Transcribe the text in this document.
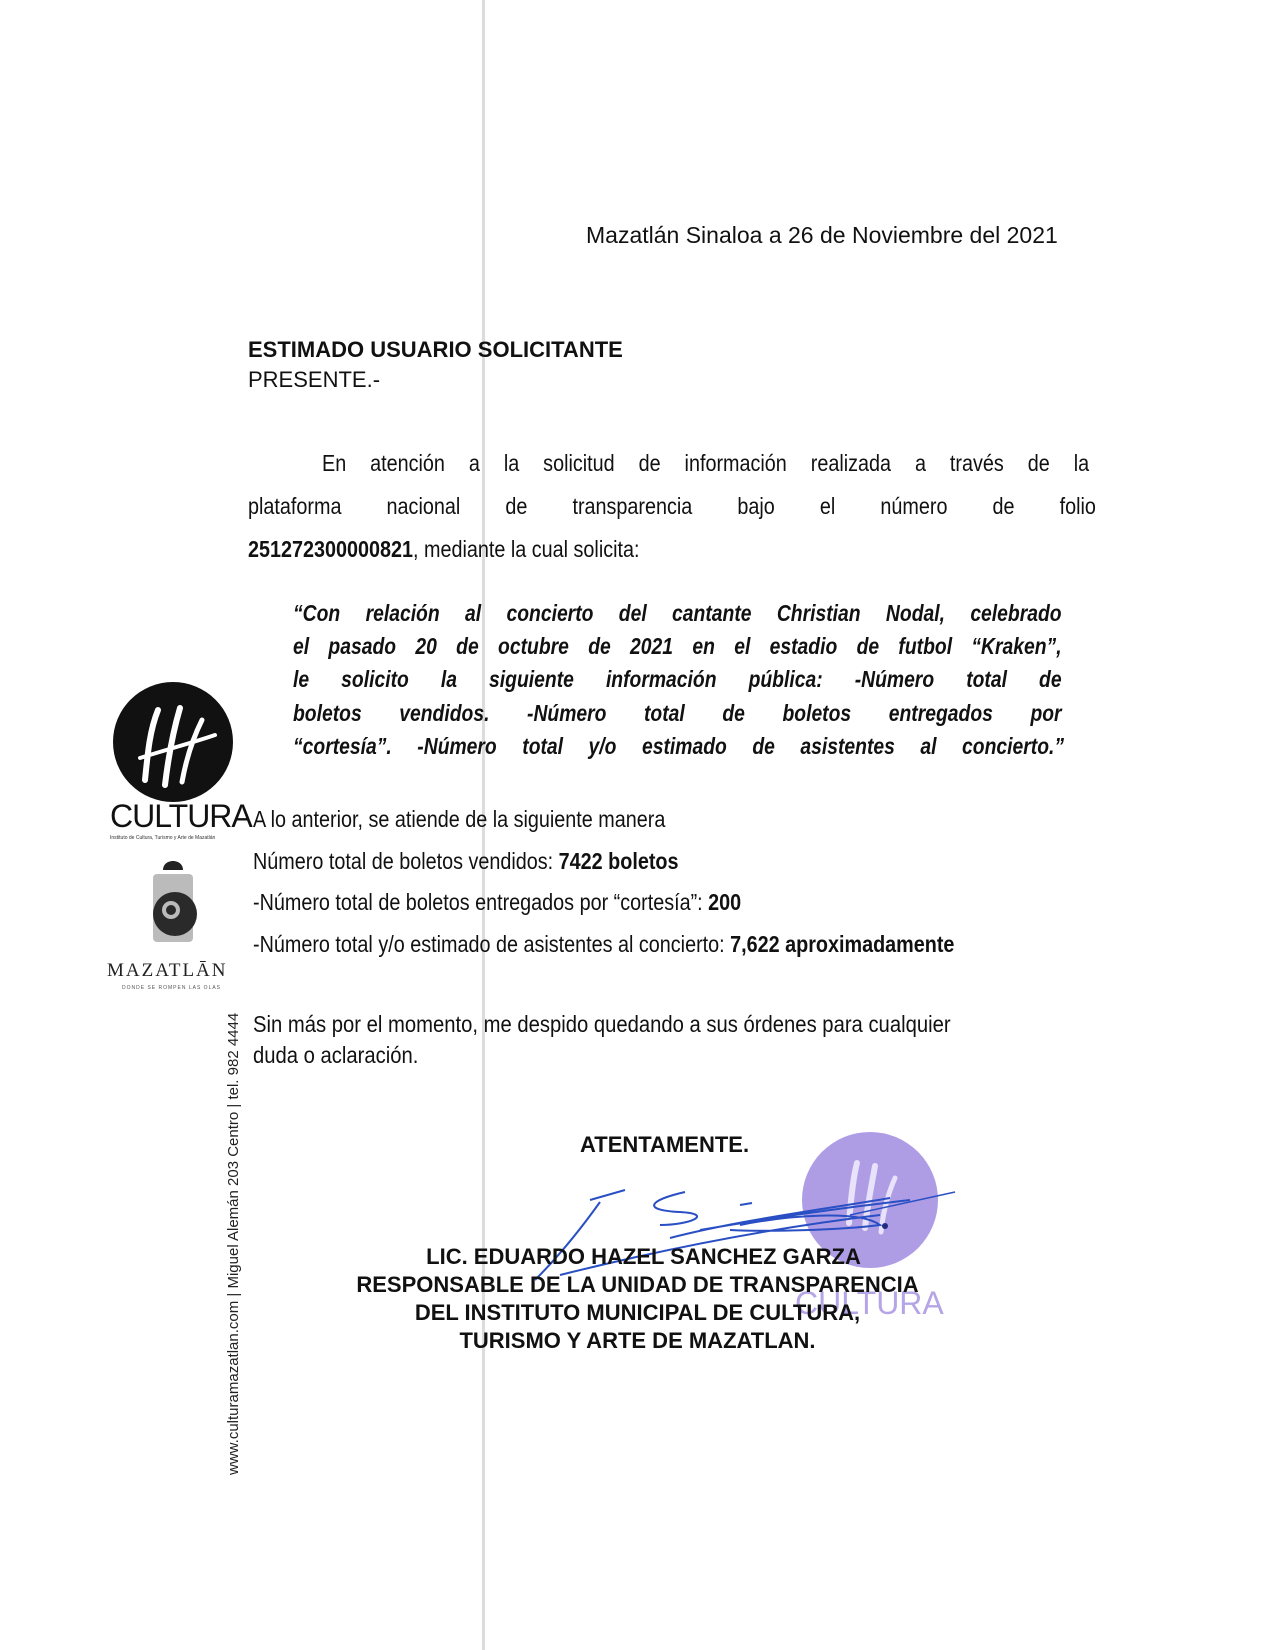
CULTURA
Instituto de Cultura, Turismo y Arte de Mazatlán
MAZATLĀN
DONDE SE ROMPEN LAS OLAS
www.culturamazatlan.com | Miguel Alemán 203 Centro | tel. 982 4444
Mazatlán Sinaloa a 26 de Noviembre del 2021
ESTIMADO USUARIO SOLICITANTE
PRESENTE.-
En atención a la solicitud de información realizada a través de la
plataforma nacional de transparencia bajo el número de folio
251272300000821, mediante la cual solicita:
“Con relación al concierto del cantante Christian Nodal, celebrado
el pasado 20 de octubre de 2021 en el estadio de futbol “Kraken”,
le solicito la siguiente información pública: -Número total de
boletos vendidos. -Número total de boletos entregados por
“cortesía”. -Número total y/o estimado de asistentes al concierto.”
A lo anterior, se atiende de la siguiente manera
Número total de boletos vendidos: 7422 boletos
-Número total de boletos entregados por “cortesía”: 200
-Número total y/o estimado de asistentes al concierto: 7,622 aproximadamente
Sin más por el momento, me despido quedando a sus órdenes para cualquier
duda o aclaración.
ATENTAMENTE.
CULTURA
LIC. EDUARDO HAZEL SANCHEZ GARZA
RESPONSABLE DE LA UNIDAD DE TRANSPARENCIA
DEL INSTITUTO MUNICIPAL DE CULTURA,
TURISMO Y ARTE DE MAZATLAN.
